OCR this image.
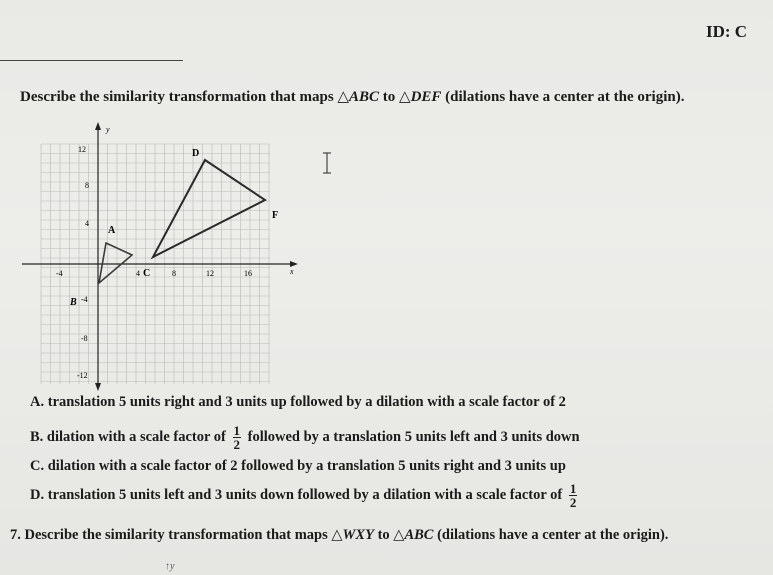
ID: C
Describe the similarity transformation that maps △ABC to △DEF (dilations have a center at the origin).
y
x
-4	4	8	12	16
12
8
4
-4
-8
-12
A
B
C
D
F
A. translation 5 units right and 3 units up followed by a dilation with a scale factor of 2
B. dilation with a scale factor of $\frac{1}{2}$ followed by a translation 5 units left and 3 units down
C. dilation with a scale factor of 2 followed by a translation 5 units right and 3 units up
D. translation 5 units left and 3 units down followed by a dilation with a scale factor of $\frac{1}{2}$
7. Describe the similarity transformation that maps △WXY to △ABC (dilations have a center at the origin).
↑y
